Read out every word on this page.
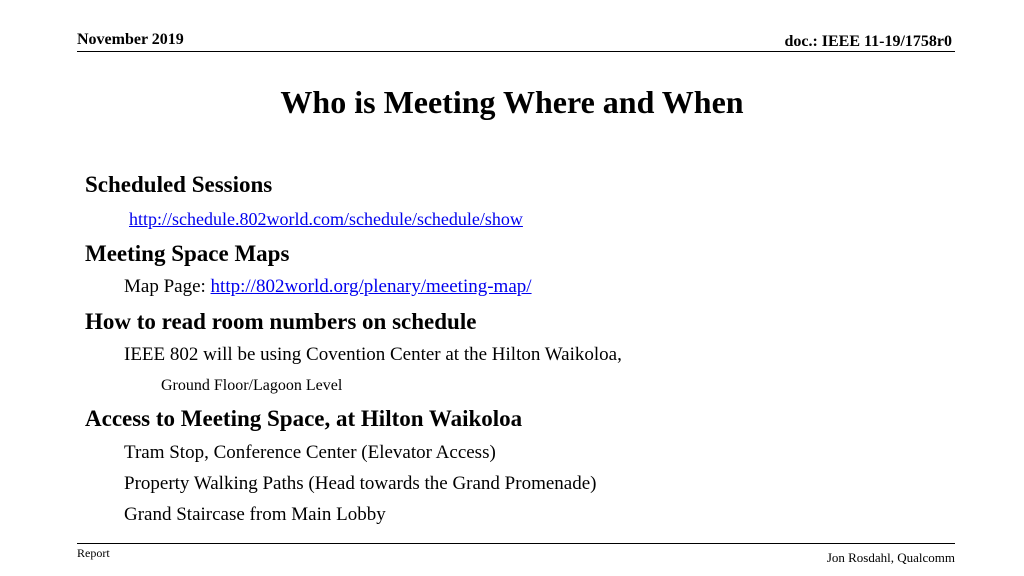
November 2019	doc.: IEEE 11-19/1758r0
Who is Meeting Where and When
Scheduled Sessions
http://schedule.802world.com/schedule/schedule/show
Meeting Space Maps
Map Page: http://802world.org/plenary/meeting-map/
How to read room numbers on schedule
IEEE 802 will be using Covention Center at the Hilton Waikoloa,
Ground Floor/Lagoon Level
Access to Meeting Space, at Hilton Waikoloa
Tram Stop, Conference Center (Elevator Access)
Property Walking Paths (Head towards the Grand Promenade)
Grand Staircase from Main Lobby
Report	Jon Rosdahl, Qualcomm
